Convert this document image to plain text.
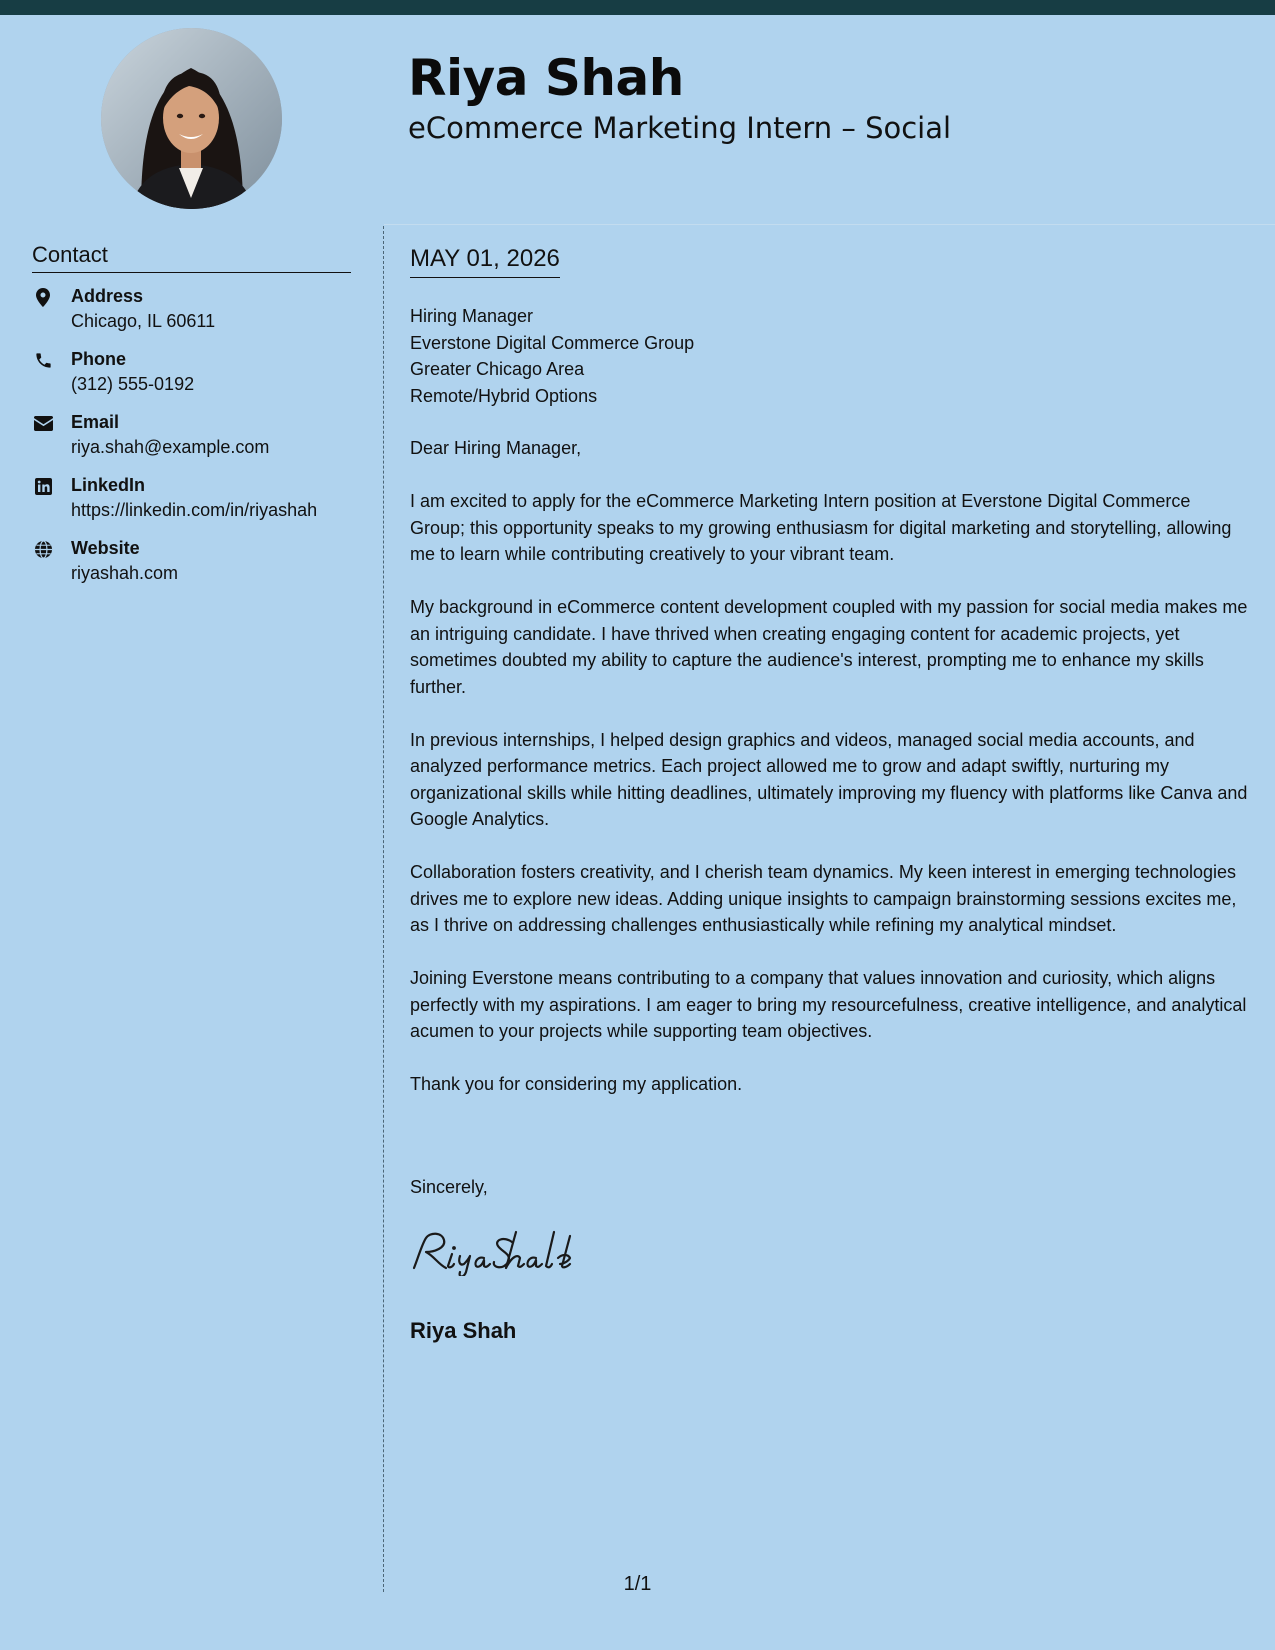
Riya Shah
eCommerce Marketing Intern – Social
Contact
Address
Chicago, IL 60611
Phone
(312) 555-0192
Email
riya.shah@example.com
LinkedIn
https://linkedin.com/in/riyashah
Website
riyashah.com
MAY 01, 2026
Hiring Manager
Everstone Digital Commerce Group
Greater Chicago Area
Remote/Hybrid Options
Dear Hiring Manager,

I am excited to apply for the eCommerce Marketing Intern position at Everstone Digital Commerce Group; this opportunity speaks to my growing enthusiasm for digital marketing and storytelling, allowing me to learn while contributing creatively to your vibrant team.

My background in eCommerce content development coupled with my passion for social media makes me an intriguing candidate. I have thrived when creating engaging content for academic projects, yet sometimes doubted my ability to capture the audience's interest, prompting me to enhance my skills further.

In previous internships, I helped design graphics and videos, managed social media accounts, and analyzed performance metrics. Each project allowed me to grow and adapt swiftly, nurturing my organizational skills while hitting deadlines, ultimately improving my fluency with platforms like Canva and Google Analytics.

Collaboration fosters creativity, and I cherish team dynamics. My keen interest in emerging technologies drives me to explore new ideas. Adding unique insights to campaign brainstorming sessions excites me, as I thrive on addressing challenges enthusiastically while refining my analytical mindset.

Joining Everstone means contributing to a company that values innovation and curiosity, which aligns perfectly with my aspirations. I am eager to bring my resourcefulness, creative intelligence, and analytical acumen to your projects while supporting team objectives.

Thank you for considering my application.

Sincerely,
Riya Shah
1/1
